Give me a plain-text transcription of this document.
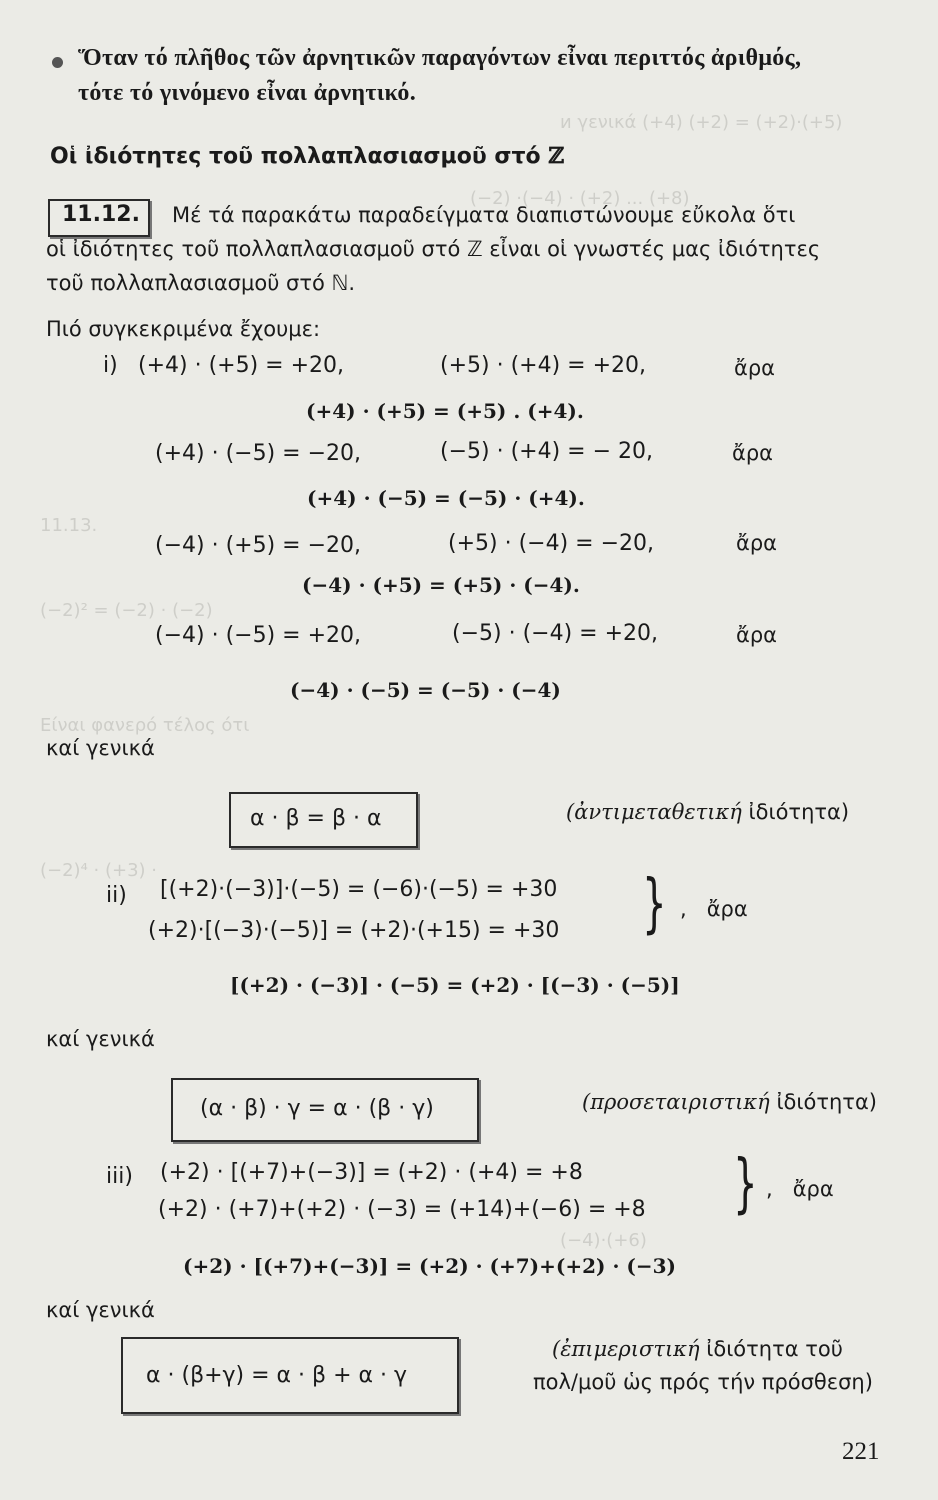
и γενικά (+4) (+2) = (+2)·(+5)
(−2) ·(−4) · (+2) ... (+8)
11.13.
(−2)² = (−2) · (−2)
Είναι φανερό τέλος ότι
(−2)⁴ · (+3) ·
(−4)·(+6)
Ὅταν τό πλῆθος τῶν ἀρνητικῶν παραγόντων εἶναι περιττός ἀριθμός,
τότε τό γινόμενο εἶναι ἀρνητικό.
Οἱ ἰδιότητες τοῦ πολλαπλασιασμοῦ στό ℤ
11.12. Μέ τά παρακάτω παραδείγματα διαπιστώνουμε εὔκολα ὅτι
οἱ ἰδιότητες τοῦ πολλαπλασιασμοῦ στό ℤ εἶναι οἱ γνωστές μας ἰδιότητες
τοῦ πολλαπλασιασμοῦ στό ℕ.
Πιό συγκεκριμένα ἔχουμε:
i) (+4) · (+5) = +20,	(+5) · (+4) = +20,	ἄρα
(+4) · (+5) = (+5) . (+4).
(+4) · (−5) = −20,	(−5) · (+4) = − 20,	ἄρα
(+4) · (−5) = (−5) · (+4).
(−4) · (+5) = −20,	(+5) · (−4) = −20,	ἄρα
(−4) · (+5) = (+5) · (−4).
(−4) · (−5) = +20,	(−5) · (−4) = +20,	ἄρα
(−4) · (−5) = (−5) · (−4)
καί γενικά
α · β = β · α	(ἀντιμεταθετική ἰδιότητα)
ii) [(+2)·(−3)]·(−5) = (−6)·(−5) = +30
(+2)·[(−3)·(−5)] = (+2)·(+15) = +30 } , ἄρα
[(+2) · (−3)] · (−5) = (+2) · [(−3) · (−5)]
καί γενικά
(α · β) · γ = α · (β · γ)	(προσεταιριστική ἰδιότητα)
iii) (+2) · [(+7)+(−3)] = (+2) · (+4) = +8
(+2) · (+7)+(+2) · (−3) = (+14)+(−6) = +8 } , ἄρα
(+2) · [(+7)+(−3)] = (+2) · (+7)+(+2) · (−3)
καί γενικά
α · (β+γ) = α · β + α · γ
(ἐπιμεριστική ἰδιότητα τοῦ
πολ/μοῦ ὡς πρός τήν πρόσθεση)
221
